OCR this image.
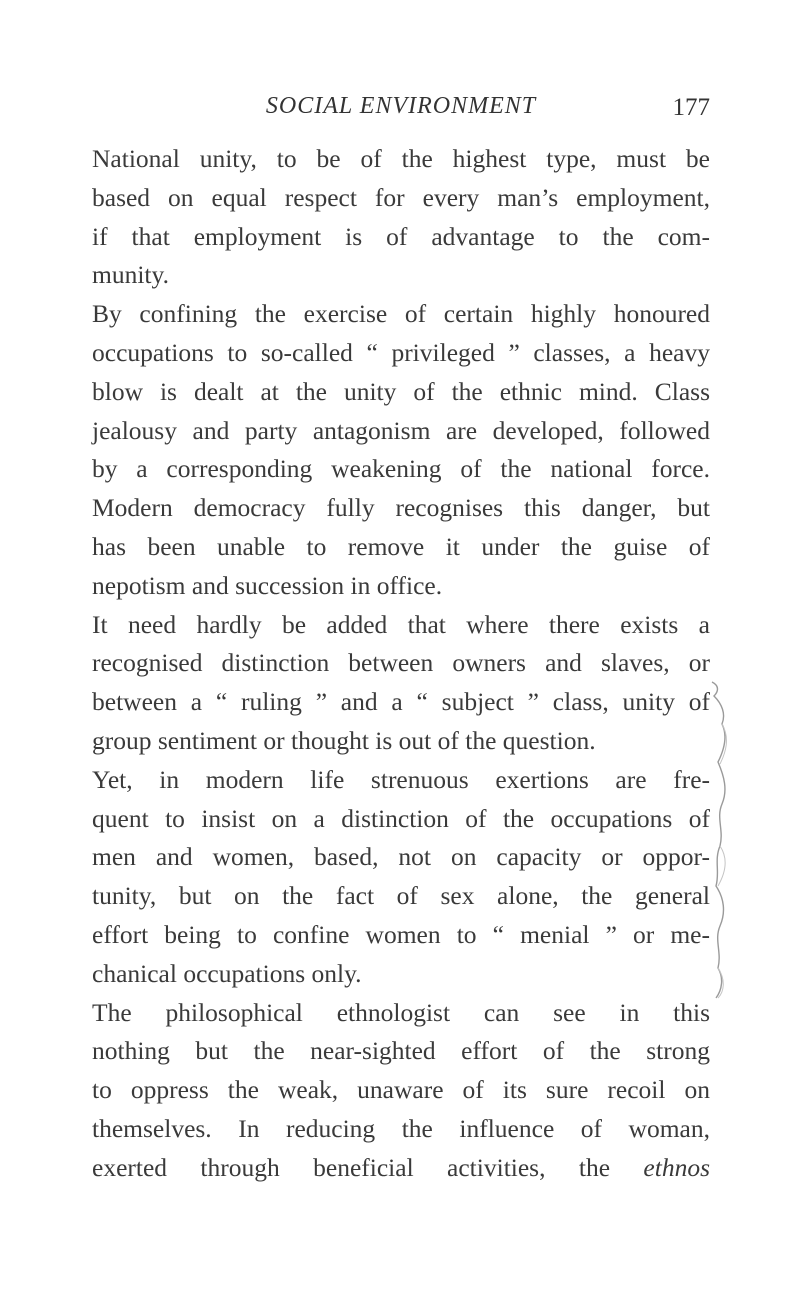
SOCIAL ENVIRONMENT	177
National unity, to be of the highest type, must be
based on equal respect for every man’s employment,
if that employment is of advantage to the com-
munity.
By confining the exercise of certain highly honoured
occupations to so-called “ privileged ” classes, a heavy
blow is dealt at the unity of the ethnic mind. Class
jealousy and party antagonism are developed, followed
by a corresponding weakening of the national force.
Modern democracy fully recognises this danger, but
has been unable to remove it under the guise of
nepotism and succession in office.
It need hardly be added that where there exists a
recognised distinction between owners and slaves, or
between a “ ruling ” and a “ subject ” class, unity of
group sentiment or thought is out of the question.
Yet, in modern life strenuous exertions are fre-
quent to insist on a distinction of the occupations of
men and women, based, not on capacity or oppor-
tunity, but on the fact of sex alone, the general
effort being to confine women to “ menial ” or me-
chanical occupations only.
The philosophical ethnologist can see in this
nothing but the near-sighted effort of the strong
to oppress the weak, unaware of its sure recoil on
themselves. In reducing the influence of woman,
exerted through beneficial activities, the ethnos
